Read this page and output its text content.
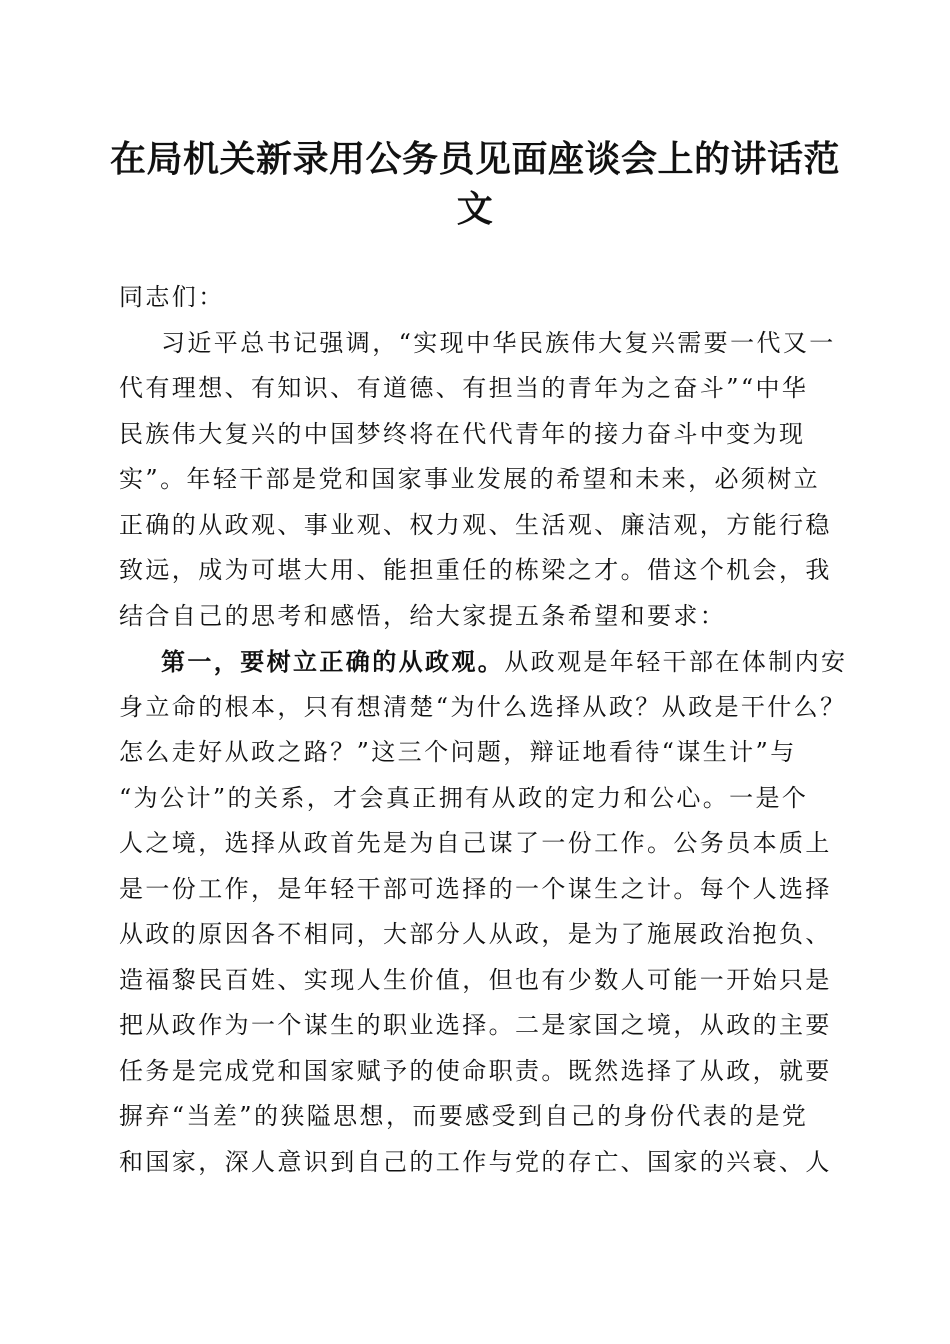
在局机关新录用公务员见面座谈会上的讲话范
文
同志们：
习近平总书记强调，“实现中华民族伟大复兴需要一代又一
代有理想、有知识、有道德、有担当的青年为之奋斗”“中华
民族伟大复兴的中国梦终将在代代青年的接力奋斗中变为现
实”。年轻干部是党和国家事业发展的希望和未来，必须树立
正确的从政观、事业观、权力观、生活观、廉洁观，方能行稳
致远，成为可堪大用、能担重任的栋梁之才。借这个机会，我
结合自己的思考和感悟，给大家提五条希望和要求：
第一，要树立正确的从政观。从政观是年轻干部在体制内安
身立命的根本，只有想清楚“为什么选择从政？从政是干什么？
怎么走好从政之路？”这三个问题，辩证地看待“谋生计”与
“为公计”的关系，才会真正拥有从政的定力和公心。一是个
人之境，选择从政首先是为自己谋了一份工作。公务员本质上
是一份工作，是年轻干部可选择的一个谋生之计。每个人选择
从政的原因各不相同，大部分人从政，是为了施展政治抱负、
造福黎民百姓、实现人生价值，但也有少数人可能一开始只是
把从政作为一个谋生的职业选择。二是家国之境，从政的主要
任务是完成党和国家赋予的使命职责。既然选择了从政，就要
摒弃“当差”的狭隘思想，而要感受到自己的身份代表的是党
和国家，深人意识到自己的工作与党的存亡、国家的兴衰、人
